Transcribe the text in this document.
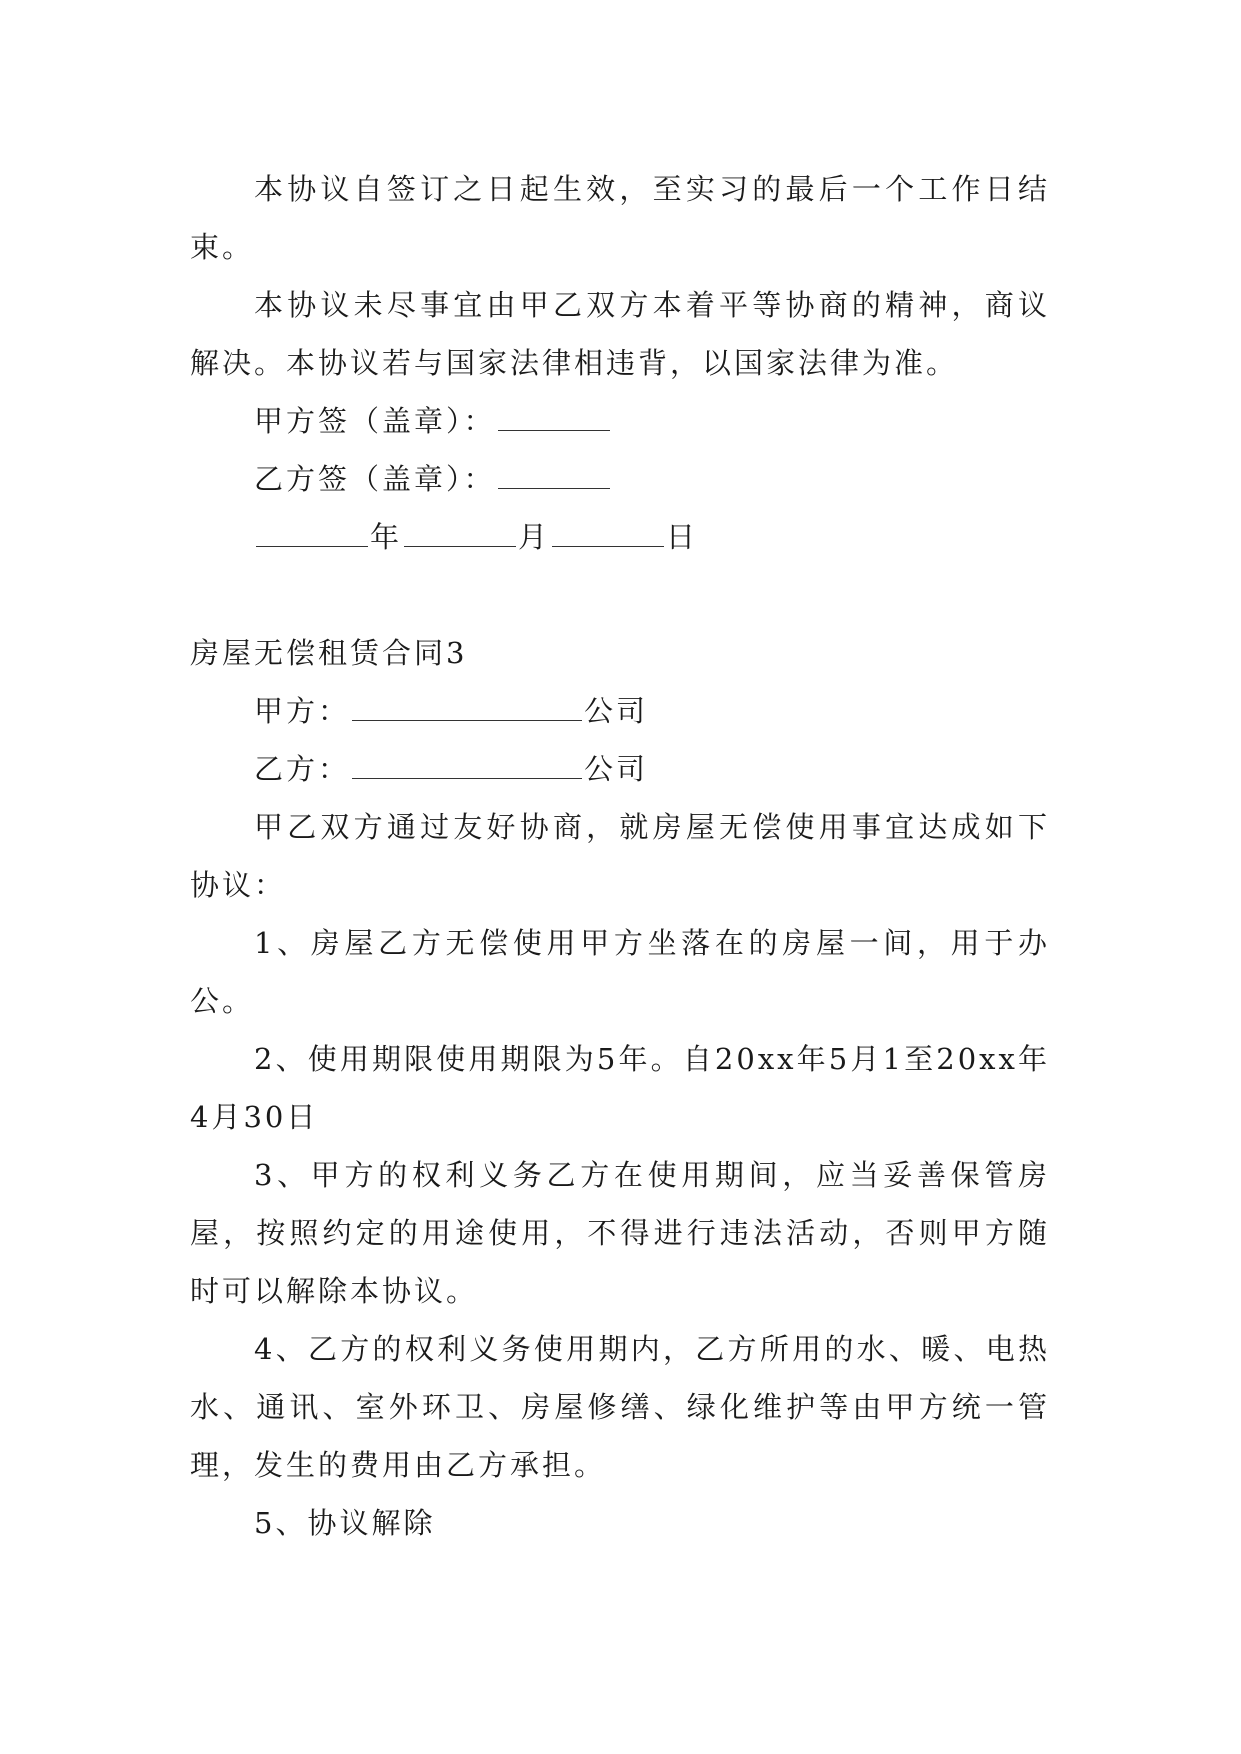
本协议自签订之日起生效，至实习的最后一个工作日结束。

本协议未尽事宜由甲乙双方本着平等协商的精神，商议解决。本协议若与国家法律相违背，以国家法律为准。

甲方签（盖章）：

乙方签（盖章）：

年	月	日

房屋无偿租赁合同3

甲方：	公司

乙方：	公司

甲乙双方通过友好协商，就房屋无偿使用事宜达成如下协议：

1、房屋乙方无偿使用甲方坐落在的房屋一间，用于办公。

2、使用期限使用期限为5年。自20xx年5月1至20xx年4月30日

3、甲方的权利义务乙方在使用期间，应当妥善保管房屋，按照约定的用途使用，不得进行违法活动，否则甲方随时可以解除本协议。

4、乙方的权利义务使用期内，乙方所用的水、暖、电热水、通讯、室外环卫、房屋修缮、绿化维护等由甲方统一管理，发生的费用由乙方承担。

5、协议解除
